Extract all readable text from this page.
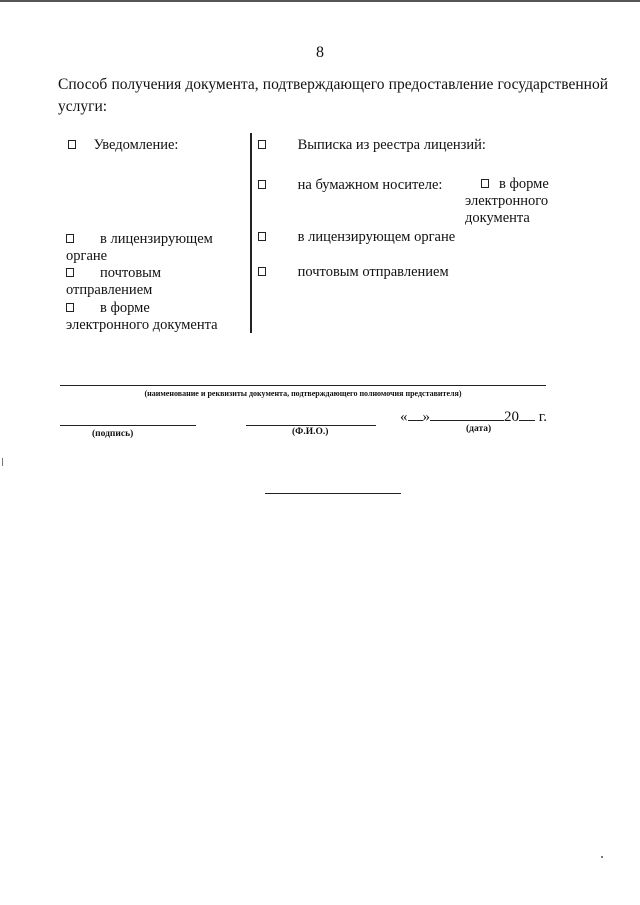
8
Способ получения документа, подтверждающего предоставление государственной услуги:
Уведомление:
в лицензирующем
органе
почтовым
отправлением
в форме
электронного документа
Выписка из реестра лицензий:
на бумажном носителе:	в форме
электронного
документа
в лицензирующем органе
почтовым отправлением
(наименование и реквизиты документа, подтверждающего полномочия представителя)
(подпись)	(Ф.И.О.)
« »	20 г.
(дата)
